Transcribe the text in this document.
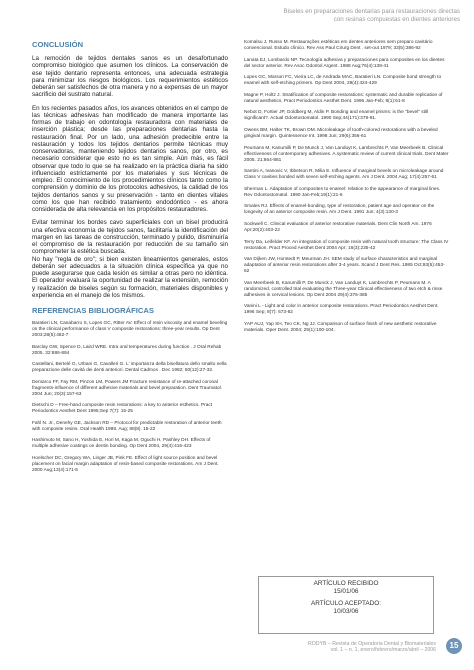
Biseles en preparaciones dentarias para restauraciones directas
con resinas compuestas en dientes anteriores
CONCLUSIÓN

La remoción de tejidos dentales sanos es un desafortunado compromiso biológico que asumen los clínicos. La conservación de ese tejido dentario representa entonces, una adecuada estrategia para minimizar los riesgos biológicos. Los requerimientos estéticos deberán ser satisfechos de otra manera y no a expensas de un mayor sacrificio del sustrato natural.

En los recientes pasados años, los avances obtenidos en el campo de las técnicas adhesivas han modificado de manera importante las formas de trabajo en odontología restauradora con materiales de inserción plástica; desde las preparaciones dentarias hasta la restauración final. Por un lado, una adhesión predecible entre la restauración y todos los tejidos dentarios permite técnicas muy conservadoras, manteniendo tejidos dentarios sanos, por otro, es necesario considerar que esto no es tan simple. Aún más, es fácil observar que todo lo que se ha realizado en la práctica diaria ha sido influenciado estrictamente por los materiales y sus técnicas de empleo. El conocimiento de los procedimientos clínicos tanto como la comprensión y dominio de los protocolos adhesivos, la calidad de los tejidos dentarios sanos y su preservación - tanto en dientes vitales como los que han recibido tratamiento endodóntico - es ahora considerada de alta relevancia en los propósitos restauradores.

Evitar terminar los bordes cavo superficiales con un bisel producirá una efectiva economía de tejidos sanos, facilitaría la identificación del margen en las tareas de construcción, terminado y pulido, disminuiría el compromiso de la restauración por reducción de su tamaño sin comprometer la estética buscada.

No hay "regla de oro"; si bien existen lineamientos generales, estos deberán ser adecuados a la situación clínica específica ya que no puede asegurarse que cada lesión es similar a otras pero no idéntica. El operador evaluará la oportunidad de realizar la extensión, remoción y realización de biseles según su formación, materiales disponibles y experiencia en el manejo de los mismos.

REFERENCIAS BIBLIOGRÁFICAS
Baratieri LN, Canabarro S, Lopes GC, Ritter AV. Effect of resin viscosity and enamel beveling on the clinical performance of class V composite restorations: three-year results. Op Dent 2003;28(5):482-7
Barclay GW, Spence D, Laird WRE. Intra oral temperatures during function . J Oral Rehab 2005. 32:886-894
Castellani, Bertelé G, Urbani G, Cavalleri G. L' importanza della bisellatura dello smalto nella preparazione delle cavità dei denti anteriori. Dental Cadmos . Dec 1982; 50(12):27-32.
Demarco FF, Fay RM, Pinzon LM, Powers JM Fracture resistance of re-attached coronal fragments-influence of different adhesive materials and bevel preparation. Dent Traumatol. 2004 Jun; 20(3):157-63
Dietschi D – Free-hand composite resin restorations: a key to anterior esthetics. Pract Periodontics Aesthet Dent 1995;Sep 7(7): 15-25
Fahl N. Jr., Denehy GE, Jackson RD – Protocol for predictable restoration of anterior teeth with composite resins. Oral Health 1998. Aug; 88(8). 15-22
Hashimoto M, Sano H, Yoshida E, Hori M, Kaga M, Oguchi H, Pashley DH. Effects of multiple adhesive coatings on dentin bonding. Op Dent 2004, 29(4):416-423
Hoelscher DC, Gregory WA, Linger JB, Pink FE. Effect of light source position and bevel placement on facial margin adaptation of resin-based composite restorations. Am J Dent. 2000 Aug;13(4):171-5
Komalsu J, Russo M. Restaurações estéticas em dentes anteriores sem preparo cavitário convencional. Estudo clínico. Rev Ass Paul Cirurg Dent . set-out 1979; 33(5):386-92
Lanata EJ, Lombardo NP. Tecnología adhesiva y preparaciones para composites en los dientes del sector anterior. Rev Asoc Odontol Argent. 1988 Aug;76(4):138-41
Lopes GC, Marson FC, Vieira LC, de Andrada MAC, Baratieri LN. Composite bond strength to enamel with self-etching primers. Op Dent 2004, 29(4):424-429
Magne P, Holtz J. Stratification of composite restorations: systematic and durable replication of natural aesthetics. Pract Periodontics Aesthet Dent. 1996 Jan-Feb; 8(1):61-8
Nebot D, Fortier JP, Goldberg M, Aldin P. Bonding and enamel prisms: is the "bevel" still significant?. Actual Odontostomatol. 1990 Sep;44(171):379-91.
Owens BM, Halter TK, Brown DM. Microleakage of tooth-colored restorations with a beveled gingival margin. Quintessence Int. 1998 Jun; 29(6):356-61
Peumans M, Kanumilli P, De Munck J, Van Landuyt K, Lambrechts P, Van Meerbeek B. Clinical effectiveness of contemporary adhesives. A systematic review of current clinical trials. Dent Mater 2005. 21:864-881
Santini A, Ivanovic V, Ibbetson R, Milia E. Influence of marginal bevels on microleakage around Class V cavities bonded with seven self-etching agents. Am J Dent. 2004 Aug; 17(4):257-61
Sherman L. Adaptation of composites to enamel: relation to the appearance of marginal lines. Rev Odontostomatol. 1990 Jan-Feb;19(1):21-6
Smales RJ. Effects of enamel-bonding, type of restoration, patient age and operator on the longevity of an anterior composite resin. Am J Dent. 1991 Jun; 4(3):130-3
Sockwell C. Clinical evaluation of anterior restorative materials. Dent Clin North Am. 1976 Apr;20(2):403-22
Terry Da, Leifelder KF. An integration of composite resin with natural tooth structure: The Class IV restoration. Pract Proced Aesthet Dent 2004 Apr; 16(3):235-42
Van Dijken JW, Horstedt P, Meurman JH. SEM study of surface characteristics and marginal adaptation of anterior resin restorations after 3-4 years. Scand J Dent Res. 1985 Oct;93(5):453-62
Van Meerbeek B, Kanumilli P, De Munck J, Van Landuyt K, Lambrechts P, Peumans M. A randomized, controlled trial evaluating the Three-year Clinical effectiveness of two etch & rinse adhesives in cervical lesions. Op Dent 2004 29(4):376-385
Vanini L - Light and color in anterior composite restorations. Pract Periodontics Aesthet Dent. 1996 Sep; 8(7): 673-82
YAP AUJ, Yap SH, Teo CK, Ng JJ. Comparison of surface finish of new aesthetic restorative materials. Oper Dent. 2004; 29(1):100-104.
ARTÍCULO RECIBIDO
15/01/06
ARTÍCULO ACEPTADO:
10/03/06
RODYB – Revista de Operatoria Dental y Biomateriales
vol. 1 – n. 1, enero/febrero/marzo/abril – 2006
15
